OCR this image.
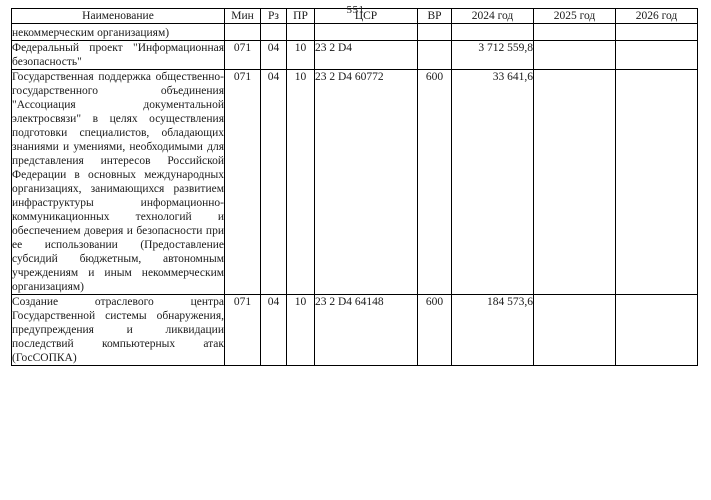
551
Наименование	Мин	Рз	ПР	ЦСР	ВР	2024 год	2025 год	2026 год
некоммерческим организациям)								
Федеральный проект "Информационная безопасность"	071	04	10	23 2 D4		3 712 559,8		
Государственная поддержка общественно-государственного объединения "Ассоциация документальной электросвязи" в целях осуществления подготовки специалистов, обладающих знаниями и умениями, необходимыми для представления интересов Российской Федерации в основных международных организациях, занимающихся развитием инфраструктуры информационно-коммуникационных технологий и обеспечением доверия и безопасности при ее использовании (Предоставление субсидий бюджетным, автономным учреждениям и иным некоммерческим организациям)	071	04	10	23 2 D4 60772	600	33 641,6		
Создание отраслевого центра Государственной системы обнаружения, предупреждения и ликвидации последствий компьютерных атак (ГосСОПКА)	071	04	10	23 2 D4 64148	600	184 573,6		
